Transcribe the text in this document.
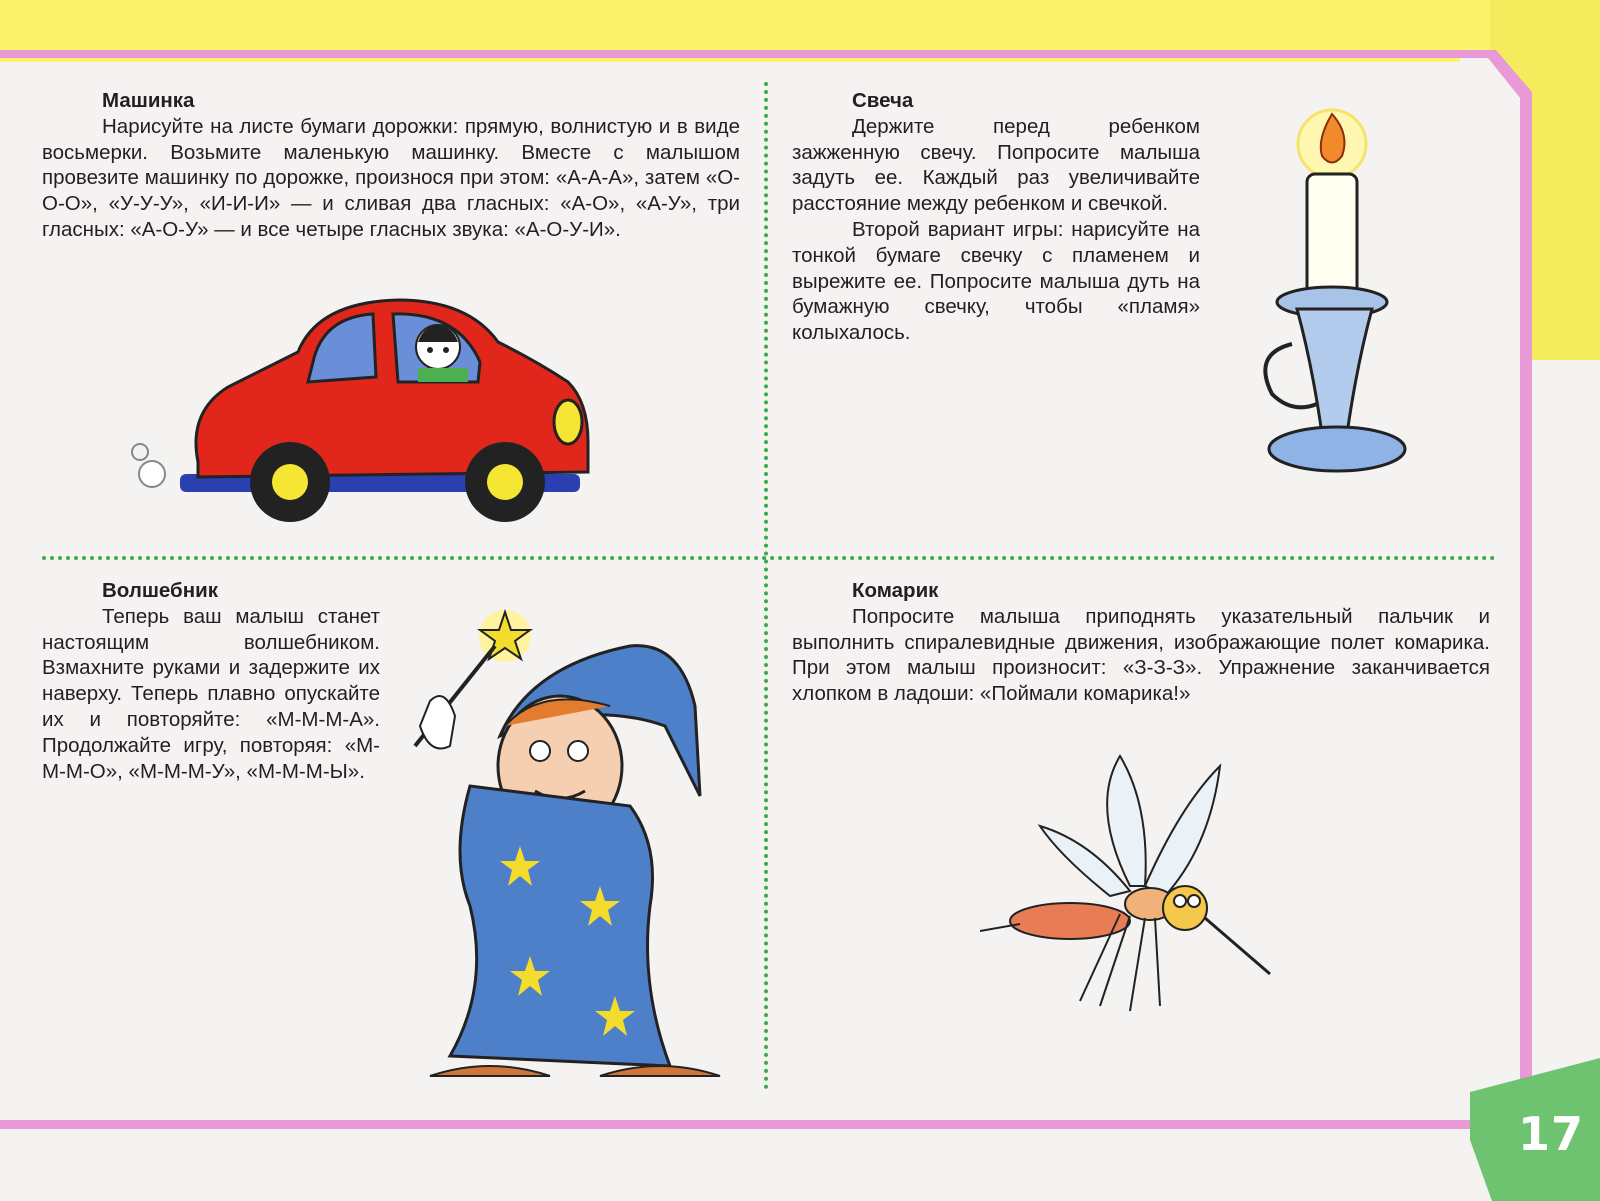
17
Машинка

Нарисуйте на листе бумаги дорожки: прямую, волнистую и в виде восьмерки. Возьмите маленькую машинку. Вместе с малышом провезите машинку по дорожке, произнося при этом: «А-А-А», затем «О-О-О», «У-У-У», «И-И-И» — и сливая два гласных: «А-О», «А-У», три гласных: «А-О-У» — и все четыре гласных звука: «А-О-У-И».

Свеча

Держите перед ребенком зажженную свечу. Попросите малыша задуть ее. Каждый раз увеличивайте расстояние между ребенком и свечкой.

Второй вариант игры: нарисуйте на тонкой бумаге свечку с пламенем и вырежите ее. Попросите малыша дуть на бумажную свечку, чтобы «пламя» колыхалось.

Волшебник

Теперь ваш малыш станет настоящим волшебником. Взмахните руками и задержите их наверху. Теперь плавно опускайте их и повторяйте: «М-М-М-А». Продолжайте игру, повторяя: «М-М-М-О», «М-М-М-У», «М-М-М-Ы».

Комарик

Попросите малыша приподнять указательный пальчик и выполнить спиралевидные движения, изображающие полет комарика. При этом малыш произносит: «З-З-З». Упражнение заканчивается хлопком в ладоши: «Поймали комарика!»
